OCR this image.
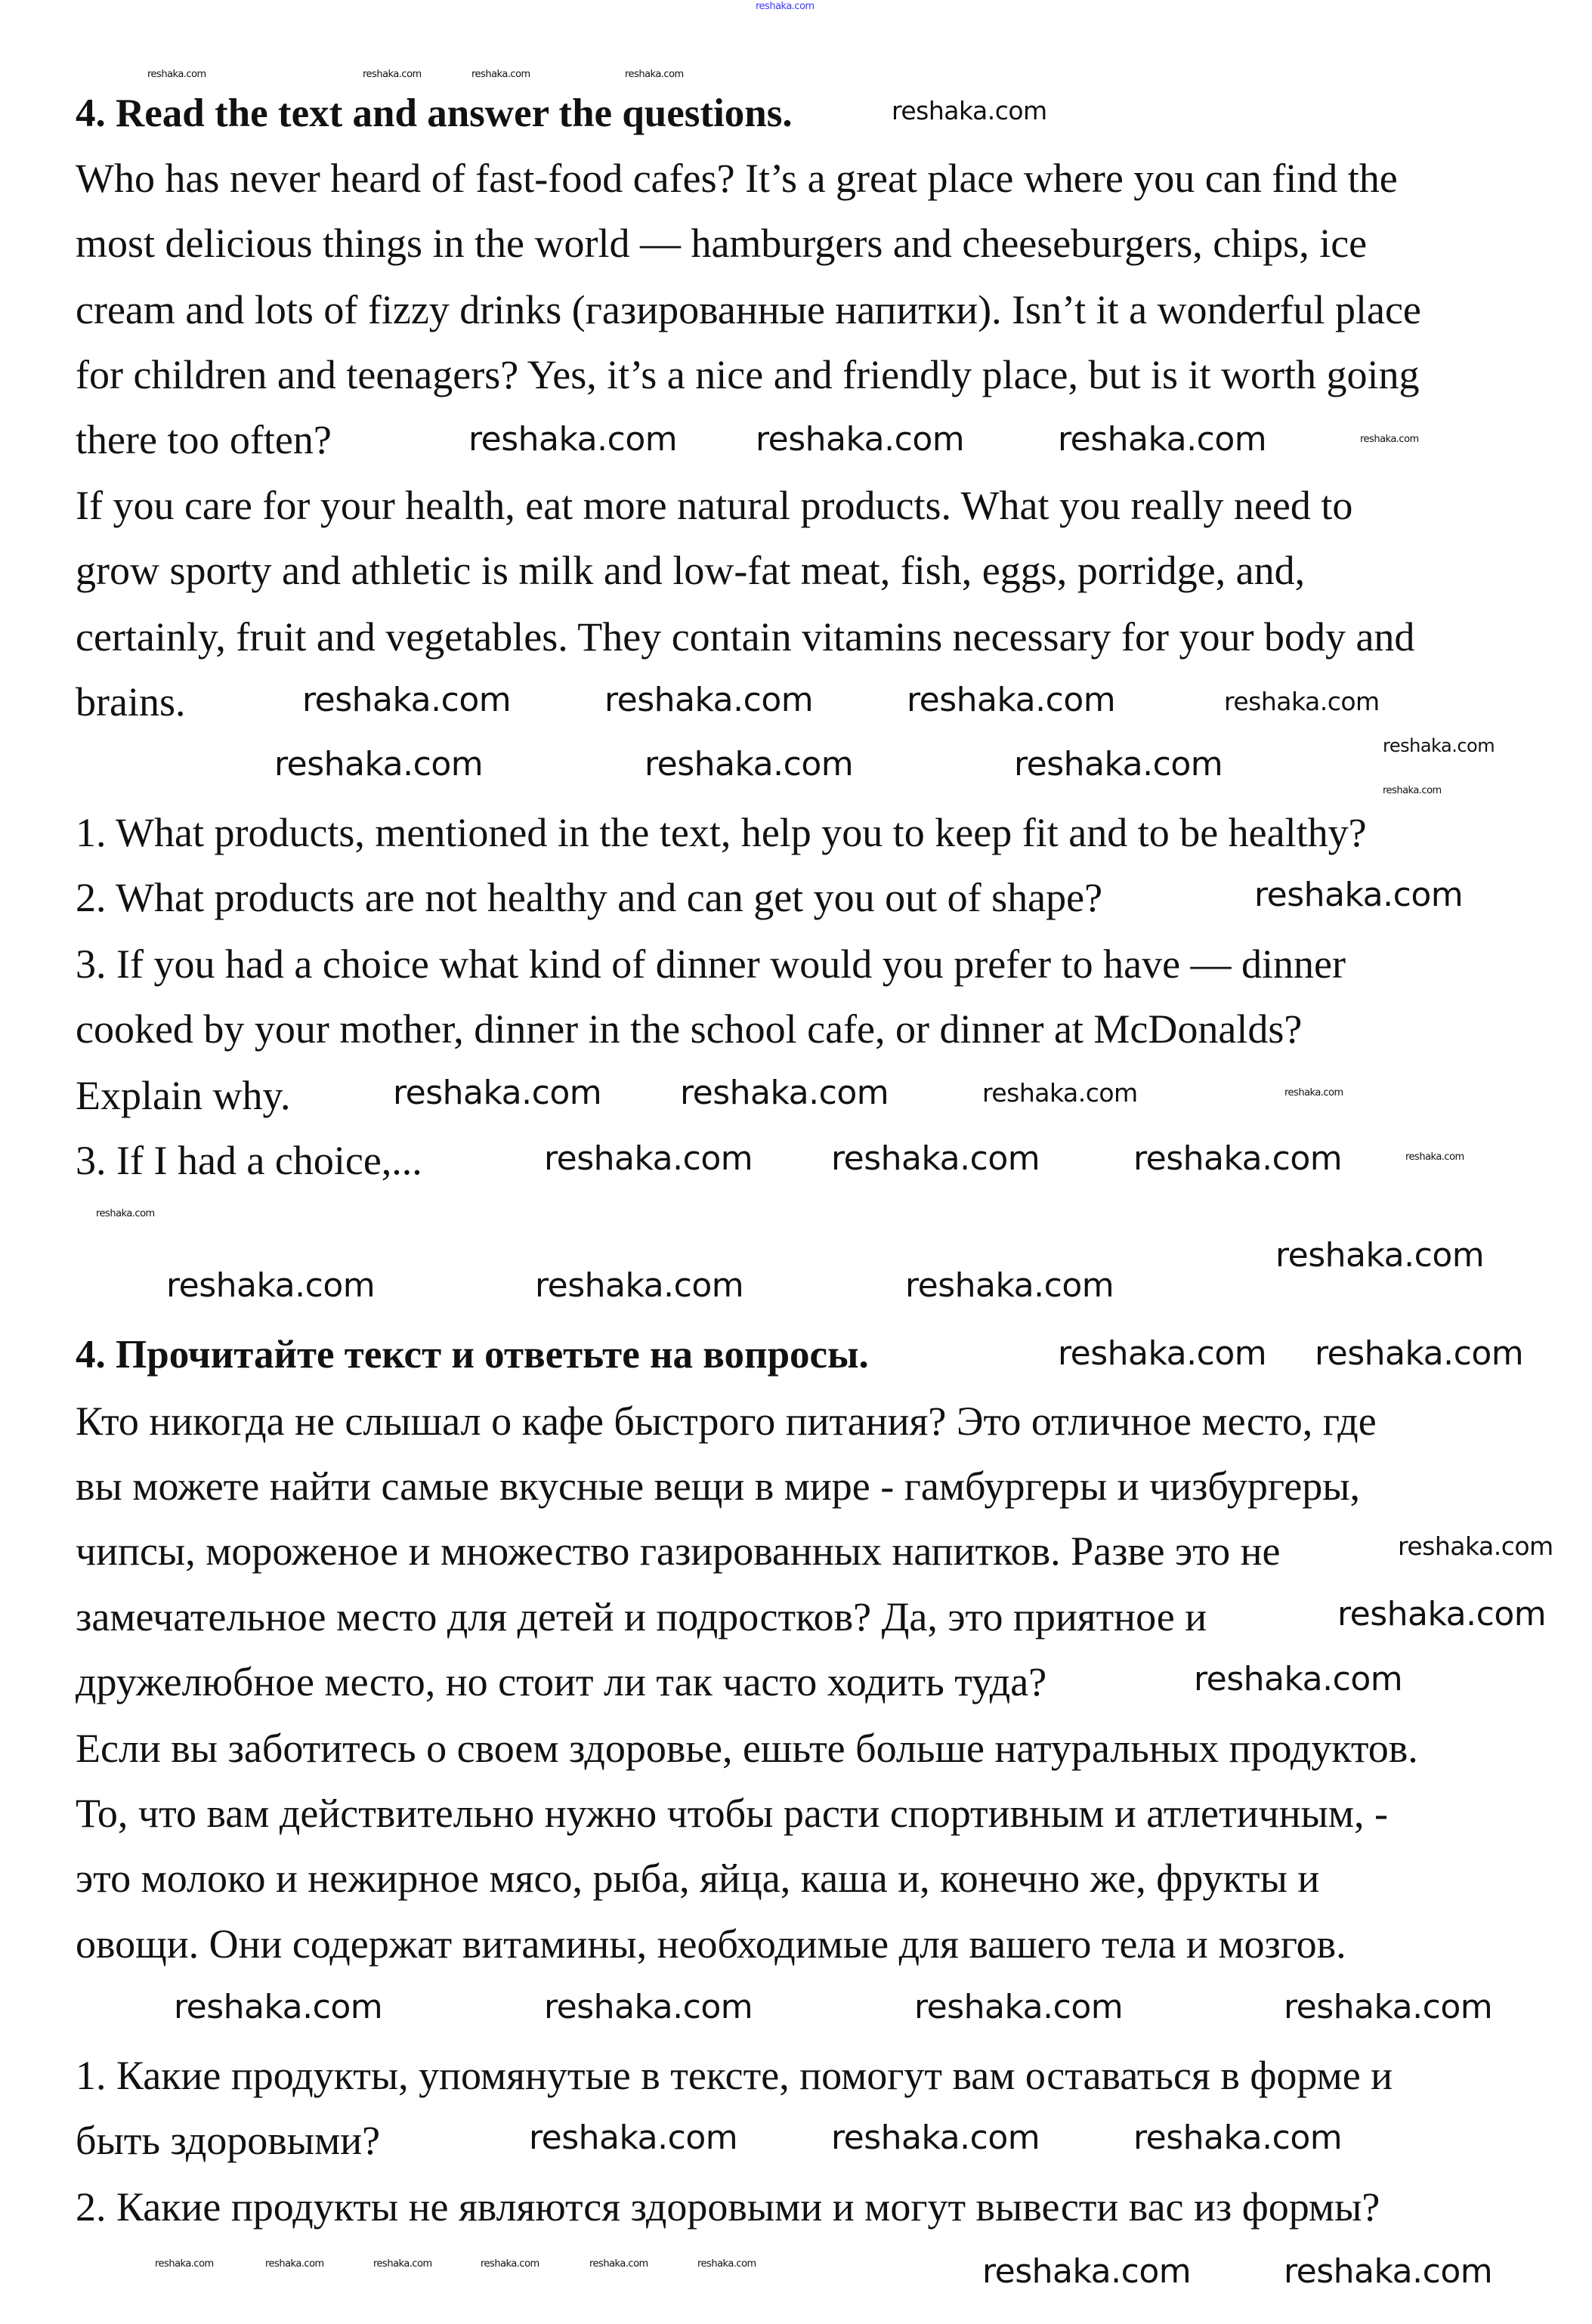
4. Read the text and answer the questions.
Who has never heard of fast-food cafes? It’s a great place where you can find the
most delicious things in the world — hamburgers and cheeseburgers, chips, ice
cream and lots of fizzy drinks (газированные напитки). Isn’t it a wonderful place
for children and teenagers? Yes, it’s a nice and friendly place, but is it worth going
there too often?
If you care for your health, eat more natural products. What you really need to
grow sporty and athletic is milk and low-fat meat, fish, eggs, porridge, and,
certainly, fruit and vegetables. They contain vitamins necessary for your body and
brains.
1. What products, mentioned in the text, help you to keep fit and to be healthy?
2. What products are not healthy and can get you out of shape?
3. If you had a choice what kind of dinner would you prefer to have — dinner
cooked by your mother, dinner in the school cafe, or dinner at McDonalds?
Explain why.
3. If I had a choice,...
4. Прочитайте текст и ответьте на вопросы.
Кто никогда не слышал о кафе быстрого питания? Это отличное место, где
вы можете найти самые вкусные вещи в мире - гамбургеры и чизбургеры,
чипсы, мороженое и множество газированных напитков. Разве это не
замечательное место для детей и подростков? Да, это приятное и
дружелюбное место, но стоит ли так часто ходить туда?
Если вы заботитесь о своем здоровье, ешьте больше натуральных продуктов.
То, что вам действительно нужно чтобы расти спортивным и атлетичным, -
это молоко и нежирное мясо, рыба, яйца, каша и, конечно же, фрукты и
овощи. Они содержат витамины, необходимые для вашего тела и мозгов.
1. Какие продукты, упомянутые в тексте, помогут вам оставаться в форме и
быть здоровыми?
2. Какие продукты не являются здоровыми и могут вывести вас из формы?
reshaka.com
reshaka.com	reshaka.com	reshaka.com	reshaka.com
reshaka.com
reshaka.com reshaka.com	reshaka.com	reshaka.com
reshaka.com	reshaka.com	reshaka.com	reshaka.com
reshaka.com	reshaka.com	reshaka.com	reshaka.com
reshaka.com
reshaka.com
reshaka.com reshaka.com	reshaka.com	reshaka.com
reshaka.com reshaka.com	reshaka.com	reshaka.com
reshaka.com
reshaka.com
reshaka.com	reshaka.com	reshaka.com
reshaka.com reshaka.com
reshaka.com
reshaka.com
reshaka.com
reshaka.com	reshaka.com	reshaka.com	reshaka.com
reshaka.com	reshaka.com	reshaka.com
reshaka.com	reshaka.com	reshaka.com	reshaka.com	reshaka.com	reshaka.com	reshaka.com	reshaka.com
